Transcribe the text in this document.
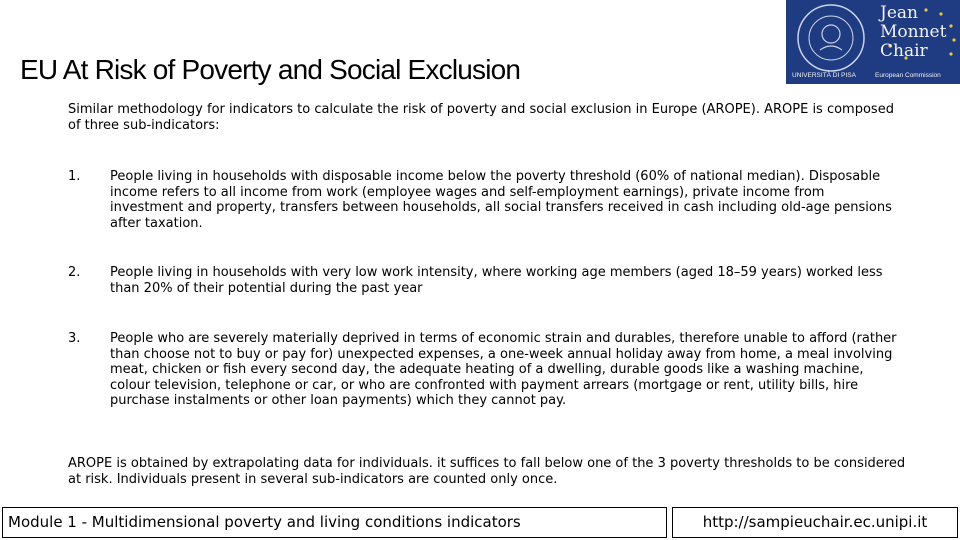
EU At Risk of Poverty and Social Exclusion
Jean
Monnet
Chair
UNIVERSITÀ DI PISA	European Commission

Similar methodology for indicators to calculate the risk of poverty and social exclusion in Europe (AROPE). AROPE is composed of three sub-indicators:

1. People living in households with disposable income below the poverty threshold (60% of national median). Disposable income refers to all income from work (employee wages and self-employment earnings), private income from investment and property, transfers between households, all social transfers received in cash including old-age pensions after taxation.
2. People living in households with very low work intensity, where working age members (aged 18–59 years) worked less than 20% of their potential during the past year
3. People who are severely materially deprived in terms of economic strain and durables, therefore unable to afford (rather than choose not to buy or pay for) unexpected expenses, a one-week annual holiday away from home, a meal involving meat, chicken or fish every second day, the adequate heating of a dwelling, durable goods like a washing machine, colour television, telephone or car, or who are confronted with payment arrears (mortgage or rent, utility bills, hire purchase instalments or other loan payments) which they cannot pay.

AROPE is obtained by extrapolating data for individuals. it suffices to fall below one of the 3 poverty thresholds to be considered at risk. Individuals present in several sub-indicators are counted only once.

Module 1 - Multidimensional poverty and living conditions indicators	http://sampieuchair.ec.unipi.it
